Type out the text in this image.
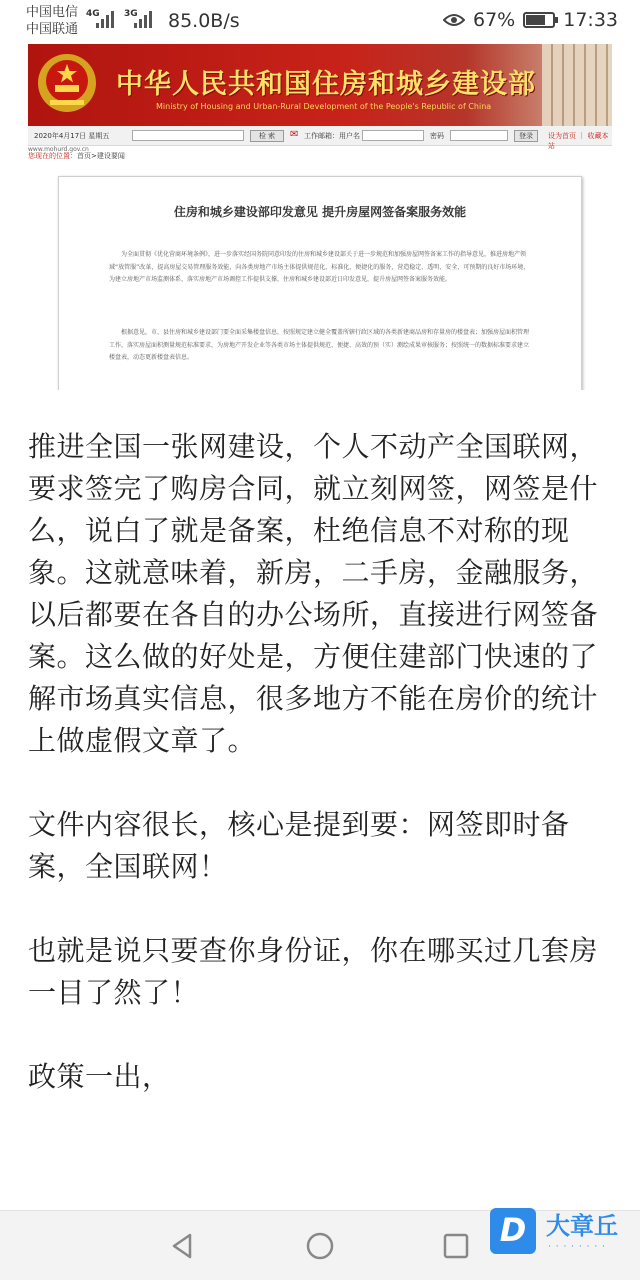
中国电信
中国联通
4G	3G 85.0B/s	67%	17:33
中华人民共和国住房和城乡建设部
Ministry of Housing and Urban-Rural Development of the People's Republic of China
2020年4月17日 星期五	检 索	✉ 工作邮箱：用户名	密码	登录	设为首页 ｜ 收藏本站
www.mohurd.gov.cn
您现在的位置：首页>建设要闻
住房和城乡建设部印发意见 提升房屋网签备案服务效能
为全面贯彻《优化营商环境条例》，进一步落实经国务院同意印发的住房和城乡建设部关于进一步规范和加强房屋网签备案工作的指导意见，推进房地产领域“放管服”改革，提高房屋交易管理服务效能，向各类房地产市场主体提供规范化、标准化、便捷化的服务，营造稳定、透明、安全、可预期的良好市场环境，为建立房地产市场监测体系、落实房地产市场调控工作提供支撑，住房和城乡建设部近日印发意见，提升房屋网签备案服务效能。
根据意见，市、县住房和城乡建设部门要全面采集楼盘信息，按照规定建立健全覆盖所辖行政区域的各类新建商品房和存量房的楼盘表；加强房屋面积管理工作，落实房屋面积测量规范标准要求，为房地产开发企业等各类市场主体提供规范、便捷、高效的预（实）测绘成果审核服务；按照统一的数据标准要求建立楼盘表，动态更新楼盘表信息。

推进全国一张网建设，个人不动产全国联网，要求签完了购房合同，就立刻网签，网签是什么，说白了就是备案，杜绝信息不对称的现象。这就意味着，新房，二手房，金融服务，以后都要在各自的办公场所，直接进行网签备案。这么做的好处是，方便住建部门快速的了解市场真实信息，很多地方不能在房价的统计上做虚假文章了。

文件内容很长，核心是提到要：网签即时备案，全国联网！

也就是说只要查你身份证，你在哪买过几套房一目了然了！

政策一出，

D 大章丘
· · · · · · · ·
